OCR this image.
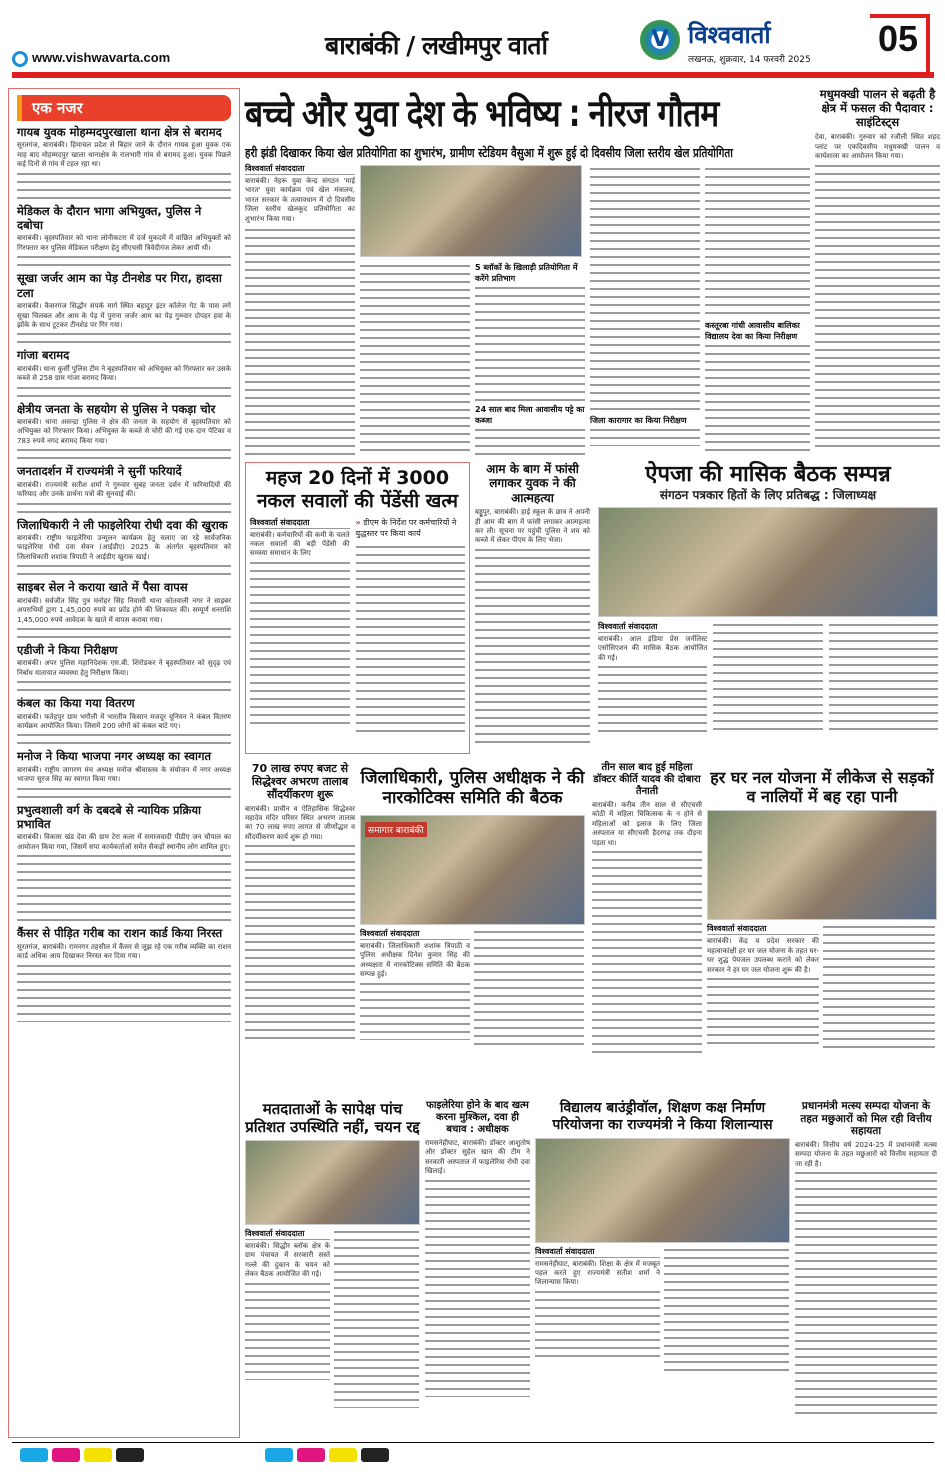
बाराबंकी / लखीमपुर वार्ता
www.vishwavarta.com
V विश्ववार्ता
लखनऊ, शुक्रवार, 14 फरवरी 2025
05
एक नजर
गायब युवक मोहम्मदपुरखाला थाना क्षेत्र से बरामद
सूरतगंज, बाराबंकी। हिमाचल प्रदेश से बिहार जाने के दौरान गायब हुआ युवक एक माह बाद मोहम्मदपुर खाला थानाक्षेत्र के रालभारी गांव से बरामद हुआ। युवक पिछले कई दिनों से गांव में टहल रहा था।
मेडिकल के दौरान भागा अभियुक्त, पुलिस ने दबोचा
बाराबंकी। बृहस्पतिवार को थाना लोनीकटरा में दर्ज मुकदमें में वांछित अभियुक्तों को गिरफ्तार कर पुलिस मेडिकल परीक्षण हेतु सीएचसी त्रिवेदीगंज लेकर आयी थी।
सूखा जर्जर आम का पेड़ टीनशेड पर गिरा, हादसा टला
बाराबंकी। कैसरगंज सिद्धौर संपर्क मार्ग स्थित बहादुर इंटर कॉलेज गेट के पास लगे सूखा चिलबल और आम के पेड़ में पुराना जर्जर आम का पेड़ गुरुवार दोपहर हवा के झोंके के साथ टूटकर टीनशेड पर गिर गया।
गांजा बरामद
बाराबंकी। थाना कुर्सी पुलिस टीम ने बृहस्पतिवार को अभियुक्त को गिरफ्तार कर उसके कब्जे से 258 ग्राम गांजा बरामद किया।
क्षेत्रीय जनता के सहयोग से पुलिस ने पकड़ा चोर
बाराबंकी। थाना असन्द्रा पुलिस ने क्षेत्र की जनता के सहयोग से बृहस्पतिवार को अभियुक्त को गिरफ्तार किया। अभियुक्त के कब्जे से चोरी की गई एक दान पेटिका व 783 रुपये नगद बरामद किया गया।
जनतादर्शन में राज्यमंत्री ने सुनीं फरियादें
बाराबंकी। राज्यमंत्री सतीश शर्मा ने गुरुवार सुबह जनता दर्शन में फरियादियों की फरियाद और उनके प्रार्थना पत्रों की सुनवाई की।
जिलाधिकारी ने ली फाइलेरिया रोधी दवा की खुराक
बाराबंकी। राष्ट्रीय फाइलेरिया उन्मूलन कार्यक्रम हेतु चलाए जा रहे सार्वजनिक फाइलेरिया रोधी दवा सेवन (आईडीए) 2025 के अंतर्गत बृहस्पतिवार को जिलाधिकारी शशांक त्रिपाठी ने आईडीए खुराक खाई।
साइबर सेल ने कराया खाते में पैसा वापस
बाराबंकी। सर्वजीत सिंह पुत्र मनोहर सिंह निवासी थाना कोतवाली नगर ने साइबर अपराधियों द्वारा 1,45,000 रुपये का फ्रॉड होने की शिकायत की। सम्पूर्ण धनराशि 1,45,000 रुपये आवेदक के खाते में वापस कराया गया।
एडीजी ने किया निरीक्षण
बाराबंकी। अपर पुलिस महानिदेशक एस.बी. शिरोडकर ने बृहस्पतिवार को सुदृढ़ एवं निर्बाध यातायात व्यवस्था हेतु निरीक्षण किया।
कंबल का किया गया वितरण
बाराबंकी। फतेहपुर ग्राम भगौली में भारतीय किसान मजदूर यूनियन ने कंबल वितरण कार्यक्रम आयोजित किया। जिसमें 200 लोगों को कंबल बांटे गए।
मनोज ने किया भाजपा नगर अध्यक्ष का स्वागत
बाराबंकी। राष्ट्रीय जागरण मंच अध्यक्ष मनोज श्रीवास्तव के संयोजन में नगर अध्यक्ष भाजपा सूरज सिंह का स्वागत किया गया।
प्रभुत्वशाली वर्ग के दबदबे से न्यायिक प्रक्रिया प्रभावित
बाराबंकी। विकास खंड देवा की ग्राम टेरा कला में समाजवादी पीडीए जन चौपाल का आयोजन किया गया, जिसमें सपा कार्यकर्ताओं समेत सैकड़ों स्थानीय लोग शामिल हुए।
कैंसर से पीड़ित गरीब का राशन कार्ड किया निरस्त
सूरतगंज, बाराबंकी। रामनगर तहसील में कैंसर से जूझ रहे एक गरीब व्यक्ति का राशन कार्ड अधिक आय दिखाकर निरस्त कर दिया गया।
बच्चे और युवा देश के भविष्य : नीरज गौतम
हरी झंडी दिखाकर किया खेल प्रतियोगिता का शुभारंभ, ग्रामीण स्टेडियम वैसुआ में शुरू हुई दो दिवसीय जिला स्तरीय खेल प्रतियोगिता
विश्ववार्ता संवाददाता
बाराबंकी। नेहरू युवा केन्द्र संगठन 'माई भारत' युवा कार्यक्रम एवं खेल मंत्रालय, भारत सरकार के तत्वावधान में दो दिवसीय जिला स्तरीय खेलकूद प्रतियोगिता का शुभारंभ किया गया।
5 ब्लॉकों के खिलाड़ी प्रतियोगिता में करेंगे प्रतिभाग
24 साल बाद मिला आवासीय पट्टे का कब्जा	जिला कारागार का किया निरीक्षण
कस्तूरबा गांधी आवासीय बालिका विद्यालय देवा का किया निरीक्षण
मधुमक्खी पालन से बढ़ती है क्षेत्र में फसल की पैदावार : साइंटिस्ट्स
देवा, बाराबंकी। गुरुवार को रजौली स्थित शहद प्लांट पर एकदिवसीय मधुमक्खी पालन व कार्यशाला का आयोजन किया गया।
महज 20 दिनों में 3000 नकल सवालों की पेंडेंसी खत्म
विश्ववार्ता संवाददाता
बाराबंकी। कर्मचारियों की कमी के चलते नकल सवालों की बड़ी पेंडेंसी की समस्या समाधान के लिए
» डीएम के निर्देश पर कर्मचारियों ने युद्धस्तर पर किया कार्य
आम के बाग में फांसी लगाकर युवक ने की आत्महत्या
बड्डूपुर, बाराबंकी। हाई स्कूल के छात्र ने अपनी ही आम की बाग में फांसी लगाकर आत्महत्या कर ली। सूचना पर पहुंची पुलिस ने शव को कब्जे में लेकर पीएम के लिए भेजा।
ऐपजा की मासिक बैठक सम्पन्न
संगठन पत्रकार हितों के लिए प्रतिबद्ध : जिलाध्यक्ष
विश्ववार्ता संवाददाता
बाराबंकी। आल इंडिया प्रेस जर्नलिस्ट एसोसिएशन की मासिक बैठक आयोजित की गई।
70 लाख रुपए बजट से सिद्धेश्वर अभरण तालाब सौंदर्यीकरण शुरू
बाराबंकी। प्राचीन व ऐतिहासिक सिद्धेश्वर महादेव मंदिर परिसर स्थित अभरण तालाब का 70 लाख रुपए लागत से जीर्णोद्धार व सौंदर्यीकरण कार्य शुरू हो गया।
जिलाधिकारी, पुलिस अधीक्षक ने की नारकोटिक्स समिति की बैठक
समागार बाराबंकी
विश्ववार्ता संवाददाता
बाराबंकी। जिलाधिकारी शशांक त्रिपाठी व पुलिस अधीक्षक दिनेश कुमार सिंह की अध्यक्षता में नारकोटिक्स समिति की बैठक सम्पन्न हुई।
तीन साल बाद हुई महिला डॉक्टर कीर्ति यादव की दोबारा तैनाती
बाराबंकी। करीब तीन साल से सीएचसी कोठी में महिला चिकित्सक के न होने से महिलाओं को इलाज के लिए जिला अस्पताल या सीएचसी हैदरगढ़ तक दौड़ना पड़ता था।
हर घर नल योजना में लीकेज से सड़कों व नालियों में बह रहा पानी
विश्ववार्ता संवाददाता
बाराबंकी। केंद्र व प्रदेश सरकार की महत्वाकांक्षी हर घर जल योजना के तहत घर-घर शुद्ध पेयजल उपलब्ध कराने को लेकर सरकार ने हर घर जल योजना शुरू की है।
मतदाताओं के सापेक्ष पांच प्रतिशत उपस्थिति नहीं, चयन रद्द
विश्ववार्ता संवाददाता
बाराबंकी। सिद्धौर ब्लॉक क्षेत्र के ग्राम पंचायत में सरकारी सस्ते गल्ले की दुकान के चयन को लेकर बैठक आयोजित की गई।
फाइलेरिया होने के बाद खत्म करना मुश्किल, दवा ही बचाव : अधीक्षक
रामसनेहीघाट, बाराबंकी। डॉक्टर आशुतोष और डॉक्टर सुहेल खान की टीम ने सरकारी अस्पताल में फाइलेरिया रोधी दवा खिलाई।
विद्यालय बाउंड्रीवॉल, शिक्षण कक्ष निर्माण परियोजना का राज्यमंत्री ने किया शिलान्यास
विश्ववार्ता संवाददाता
रामसनेहीघाट, बाराबंकी। शिक्षा के क्षेत्र में मजबूत पहल करते हुए राज्यमंत्री सतीश शर्मा ने शिलान्यास किया।
प्रधानमंत्री मत्स्य सम्पदा योजना के तहत मछुआरों को मिल रही वित्तीय सहायता
बाराबंकी। वित्तीय वर्ष 2024-25 में प्रधानमंत्री मत्स्य सम्पदा योजना के तहत मछुआरों को वित्तीय सहायता दी जा रही है।
